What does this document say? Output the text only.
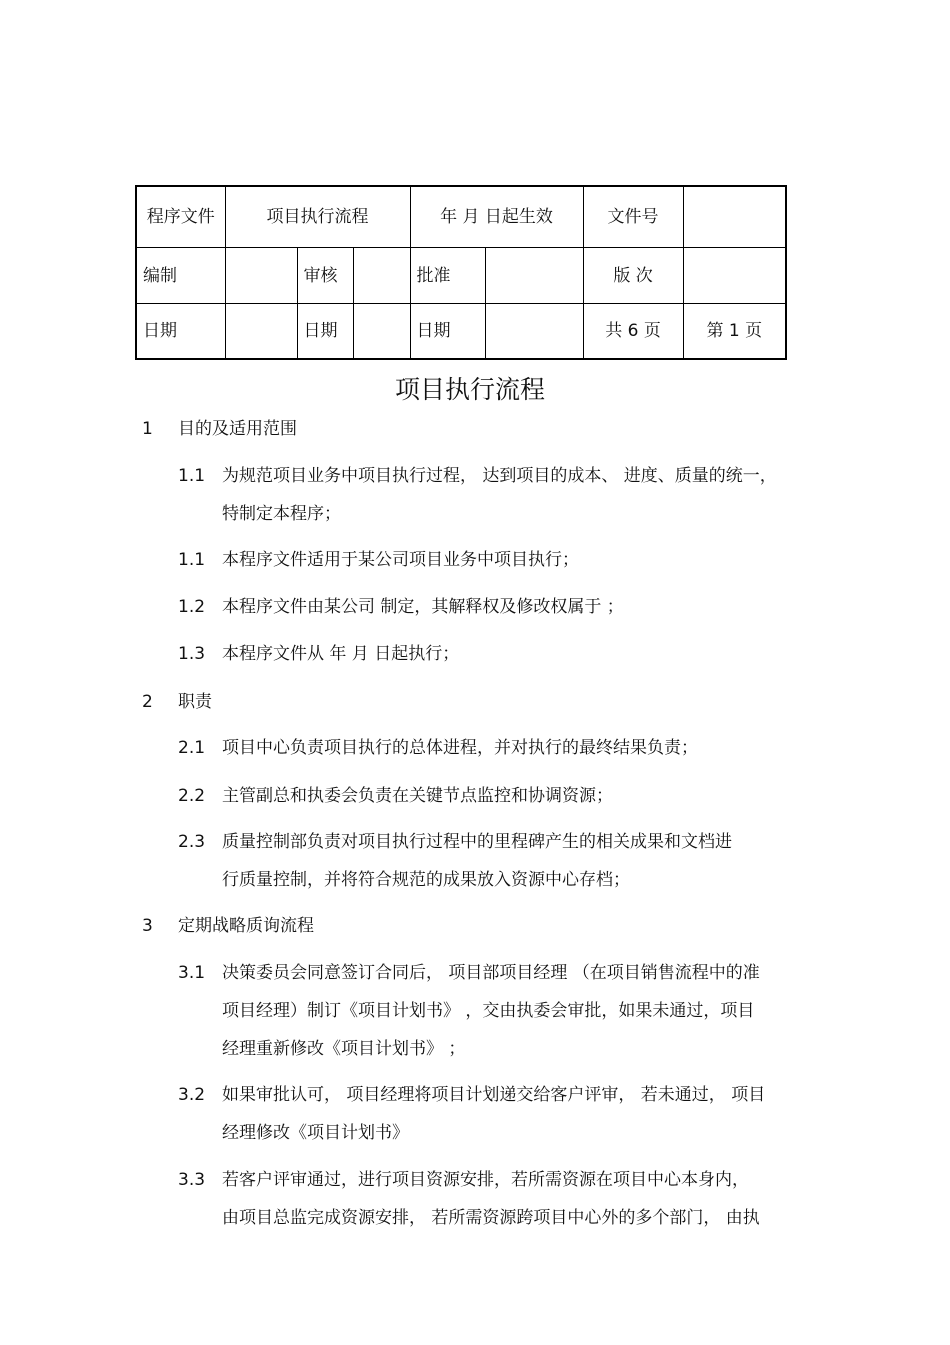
程序文件	项目执行流程			年 月 日起生效		文件号	
编制		审核		批准		版 次	
日期		日期		日期		共 6 页	第 1 页
项目执行流程
1 目的及适用范围
1.1 为规范项目业务中项目执行过程， 达到项目的成本、 进度、质量的统一，
特制定本程序；
1.1 本程序文件适用于某公司项目业务中项目执行；
1.2 本程序文件由某公司 制定，其解释权及修改权属于 ；
1.3 本程序文件从 年 月 日起执行；
2 职责
2.1 项目中心负责项目执行的总体进程，并对执行的最终结果负责；
2.2 主管副总和执委会负责在关键节点监控和协调资源；
2.3 质量控制部负责对项目执行过程中的里程碑产生的相关成果和文档进
行质量控制，并将符合规范的成果放入资源中心存档；
3 定期战略质询流程
3.1 决策委员会同意签订合同后， 项目部项目经理 （在项目销售流程中的准
项目经理）制订《项目计划书》 ，交由执委会审批，如果未通过，项目
经理重新修改《项目计划书》 ；
3.2 如果审批认可， 项目经理将项目计划递交给客户评审， 若未通过， 项目
经理修改《项目计划书》
3.3 若客户评审通过，进行项目资源安排，若所需资源在项目中心本身内，
由项目总监完成资源安排， 若所需资源跨项目中心外的多个部门， 由执
